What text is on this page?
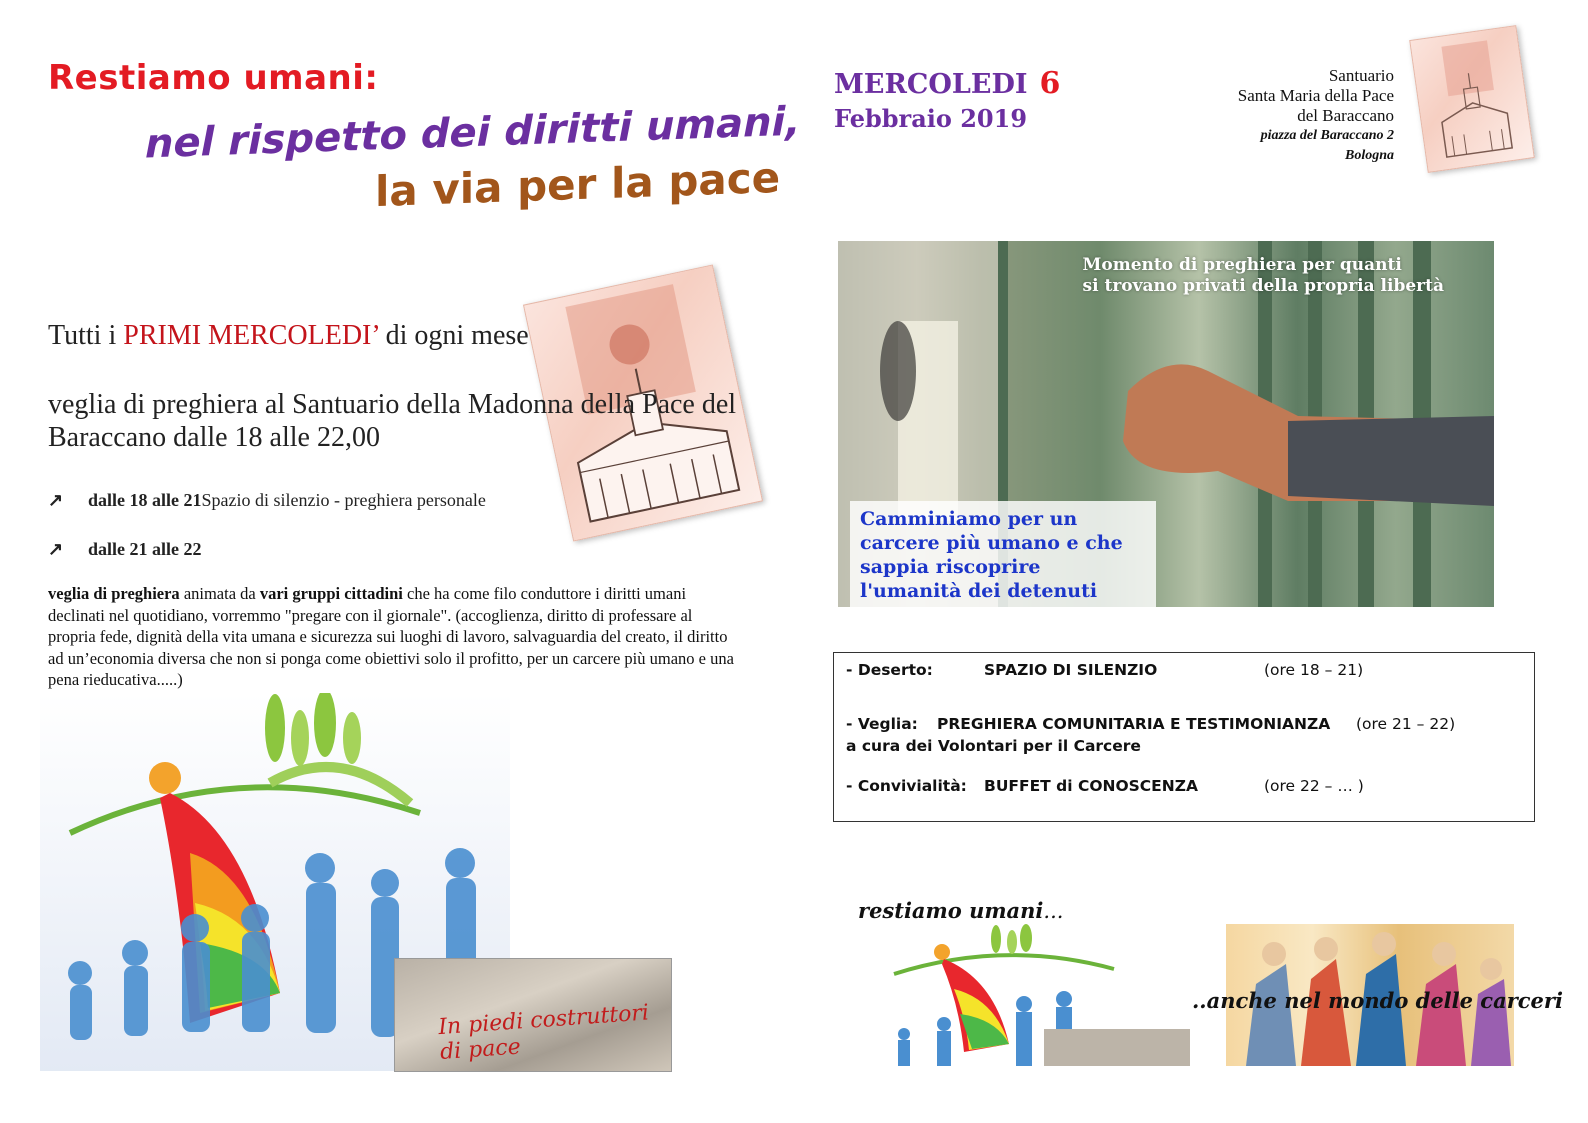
Restiamo umani:
nel rispetto dei diritti umani,
la via per la pace
MERCOLEDI 6
Febbraio 2019
Santuario
Santa Maria della Pace
del Baraccano
piazza del Baraccano 2
Bologna
Tutti i PRIMI MERCOLEDI’ di ogni mese
veglia di preghiera al Santuario della Madonna della Pace del Baraccano dalle 18 alle 22,00
↗ dalle 18 alle 21Spazio di silenzio - preghiera personale
↗ dalle 21 alle 22
veglia di preghiera animata da vari gruppi cittadini che ha come filo conduttore i diritti umani declinati nel quotidiano, vorremmo "pregare con il giornale". (accoglienza, diritto di professare al propria fede, dignità della vita umana e sicurezza sui luoghi di lavoro, salvaguardia del creato, il diritto ad un’economia diversa che non si ponga come obiettivi solo il profitto, per un carcere più umano e una pena rieducativa.....)
In piedi costruttori di pace
Momento di preghiera per quanti
si trovano privati della propria libertà
Camminiamo per un carcere più umano e che sappia riscoprire l'umanità dei detenuti
- Deserto:	SPAZIO DI SILENZIO	(ore 18 – 21)
- Veglia: PREGHIERA COMUNITARIA E TESTIMONIANZA (ore 21 – 22)
a cura dei Volontari per il Carcere
- Convivialità: BUFFET di CONOSCENZA	(ore 22 – … )
restiamo umani...
..anche nel mondo delle carceri
